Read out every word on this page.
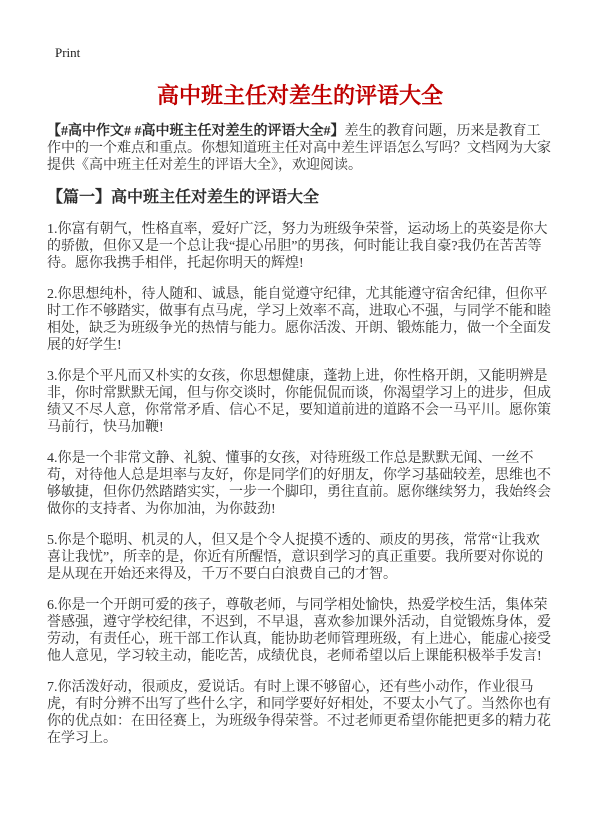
Print
高中班主任对差生的评语大全

【#高中作文# #高中班主任对差生的评语大全#】差生的教育问题，历来是教育工作中的一个难点和重点。你想知道班主任对高中差生评语怎么写吗？文档网为大家提供《高中班主任对差生的评语大全》，欢迎阅读。

【篇一】高中班主任对差生的评语大全

1.你富有朝气，性格直率，爱好广泛，努力为班级争荣誉，运动场上的英姿是你大的骄傲，但你又是一个总让我“提心吊胆”的男孩，何时能让我自豪?我仍在苦苦等待。愿你我携手相伴，托起你明天的辉煌!

2.你思想纯朴，待人随和、诚恳，能自觉遵守纪律，尤其能遵守宿舍纪律，但你平时工作不够踏实，做事有点马虎，学习上效率不高，进取心不强，与同学不能和睦相处，缺乏为班级争光的热情与能力。愿你活泼、开朗、锻炼能力，做一个全面发展的好学生!

3.你是个平凡而又朴实的女孩，你思想健康，蓬勃上进，你性格开朗，又能明辨是非，你时常默默无闻，但与你交谈时，你能侃侃而谈，你渴望学习上的进步，但成绩又不尽人意，你常常矛盾、信心不足，要知道前进的道路不会一马平川。愿你策马前行，快马加鞭!

4.你是一个非常文静、礼貌、懂事的女孩，对待班级工作总是默默无闻、一丝不苟，对待他人总是坦率与友好，你是同学们的好朋友，你学习基础较差，思维也不够敏捷，但你仍然踏踏实实，一步一个脚印，勇往直前。愿你继续努力，我始终会做你的支持者、为你加油，为你鼓劲!

5.你是个聪明、机灵的人，但又是个令人捉摸不透的、顽皮的男孩，常常“让我欢喜让我忧”，所幸的是，你近有所醒悟，意识到学习的真正重要。我所要对你说的是从现在开始还来得及，千万不要白白浪费自己的才智。

6.你是一个开朗可爱的孩子，尊敬老师，与同学相处愉快，热爱学校生活，集体荣誉感强，遵守学校纪律，不迟到，不早退，喜欢参加课外活动，自觉锻炼身体，爱劳动，有责任心，班干部工作认真，能协助老师管理班级，有上进心，能虚心接受他人意见，学习较主动，能吃苦，成绩优良，老师希望以后上课能积极举手发言!

7.你活泼好动，很顽皮，爱说话。有时上课不够留心，还有些小动作，作业很马虎，有时分辨不出写了些什么字，和同学要好好相处，不要太小气了。当然你也有你的优点如：在田径赛上，为班级争得荣誉。不过老师更希望你能把更多的精力花在学习上。
